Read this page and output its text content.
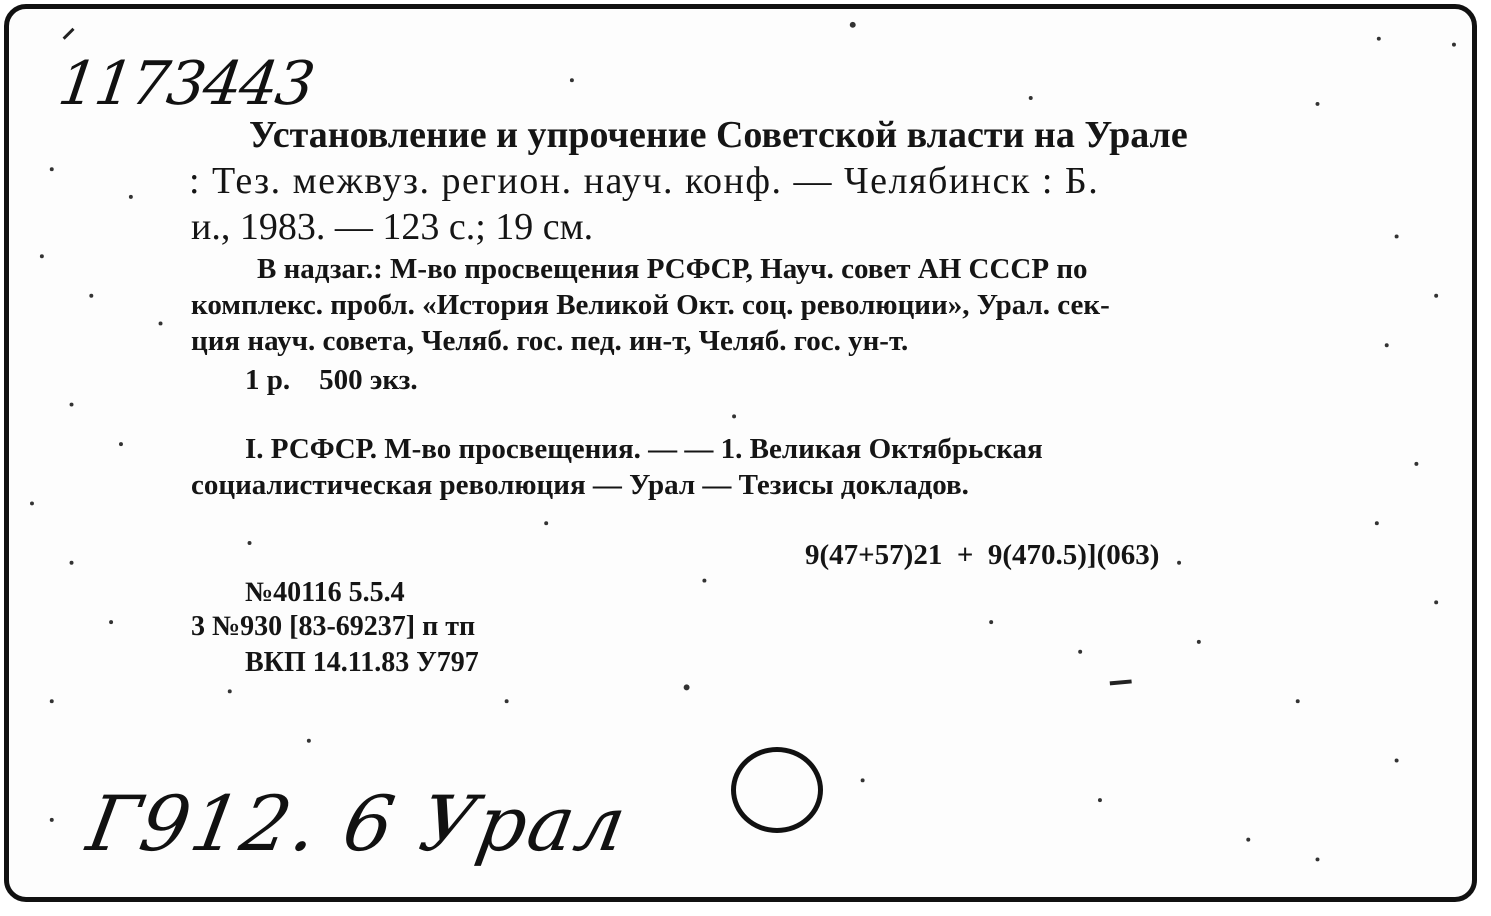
1173443
Установление и упрочение Советской власти на Урале
: Тез. межвуз. регион. науч. конф. — Челябинск : Б.
и., 1983. — 123 с.; 19 см.
В надзаг.: М-во просвещения РСФСР, Науч. совет АН СССР по
комплекс. пробл. «История Великой Окт. соц. революции», Урал. сек-
ция науч. совета, Челяб. гос. пед. ин-т, Челяб. гос. ун-т.
1 р.    500 экз.
I. РСФСР. М-во просвещения. — — 1. Великая Октябрьская
социалистическая революция — Урал — Тезисы докладов.
9(47+57)21  +  9(470.5)](063)
№40116 5.5.4
3 №930 [83-69237] п тп
ВКП 14.11.83 У797
Г912. 6 Урал
